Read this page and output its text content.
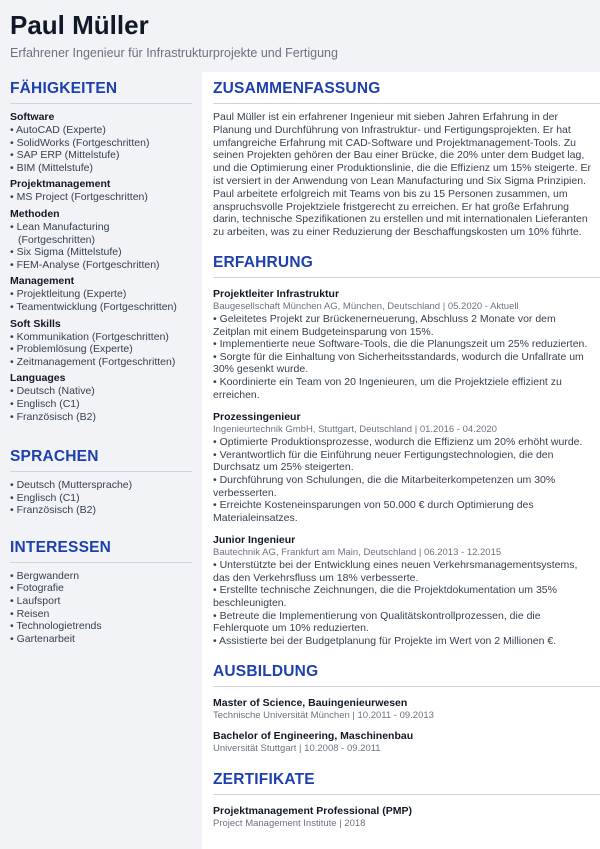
Paul Müller
Erfahrener Ingenieur für Infrastrukturprojekte und Fertigung
FÄHIGKEITEN
Software
• AutoCAD (Experte)
• SolidWorks (Fortgeschritten)
• SAP ERP (Mittelstufe)
• BIM (Mittelstufe)
Projektmanagement
• MS Project (Fortgeschritten)
Methoden
• Lean Manufacturing
(Fortgeschritten)
• Six Sigma (Mittelstufe)
• FEM-Analyse (Fortgeschritten)
Management
• Projektleitung (Experte)
• Teamentwicklung (Fortgeschritten)
Soft Skills
• Kommunikation (Fortgeschritten)
• Problemlösung (Experte)
• Zeitmanagement (Fortgeschritten)
Languages
• Deutsch (Native)
• Englisch (C1)
• Französisch (B2)
SPRACHEN
• Deutsch (Muttersprache)
• Englisch (C1)
• Französisch (B2)
INTERESSEN
• Bergwandern
• Fotografie
• Laufsport
• Reisen
• Technologietrends
• Gartenarbeit
ZUSAMMENFASSUNG
Paul Müller ist ein erfahrener Ingenieur mit sieben Jahren Erfahrung in der Planung und Durchführung von Infrastruktur- und Fertigungsprojekten. Er hat umfangreiche Erfahrung mit CAD-Software und Projektmanagement-Tools. Zu seinen Projekten gehören der Bau einer Brücke, die 20% unter dem Budget lag, und die Optimierung einer Produktionslinie, die die Effizienz um 15% steigerte. Er ist versiert in der Anwendung von Lean Manufacturing und Six Sigma Prinzipien. Paul arbeitete erfolgreich mit Teams von bis zu 15 Personen zusammen, um anspruchsvolle Projektziele fristgerecht zu erreichen. Er hat große Erfahrung darin, technische Spezifikationen zu erstellen und mit internationalen Lieferanten zu arbeiten, was zu einer Reduzierung der Beschaffungskosten um 10% führte.
ERFAHRUNG
Projektleiter Infrastruktur
Baugesellschaft München AG, München, Deutschland | 05.2020 - Aktuell
• Geleitetes Projekt zur Brückenerneuerung, Abschluss 2 Monate vor dem Zeitplan mit einem Budgeteinsparung von 15%.
• Implementierte neue Software-Tools, die die Planungszeit um 25% reduzierten.
• Sorgte für die Einhaltung von Sicherheitsstandards, wodurch die Unfallrate um 30% gesenkt wurde.
• Koordinierte ein Team von 20 Ingenieuren, um die Projektziele effizient zu erreichen.
Prozessingenieur
Ingenieurtechnik GmbH, Stuttgart, Deutschland | 01.2016 - 04.2020
• Optimierte Produktionsprozesse, wodurch die Effizienz um 20% erhöht wurde.
• Verantwortlich für die Einführung neuer Fertigungstechnologien, die den Durchsatz um 25% steigerten.
• Durchführung von Schulungen, die die Mitarbeiterkompetenzen um 30% verbesserten.
• Erreichte Kosteneinsparungen von 50.000 € durch Optimierung des Materialeinsatzes.
Junior Ingenieur
Bautechnik AG, Frankfurt am Main, Deutschland | 06.2013 - 12.2015
• Unterstützte bei der Entwicklung eines neuen Verkehrsmanagementsystems, das den Verkehrsfluss um 18% verbesserte.
• Erstellte technische Zeichnungen, die die Projektdokumentation um 35% beschleunigten.
• Betreute die Implementierung von Qualitätskontrollprozessen, die die Fehlerquote um 10% reduzierten.
• Assistierte bei der Budgetplanung für Projekte im Wert von 2 Millionen €.
AUSBILDUNG
Master of Science, Bauingenieurwesen
Technische Universität München | 10.2011 - 09.2013
Bachelor of Engineering, Maschinenbau
Universität Stuttgart | 10.2008 - 09.2011
ZERTIFIKATE
Projektmanagement Professional (PMP)
Project Management Institute | 2018
